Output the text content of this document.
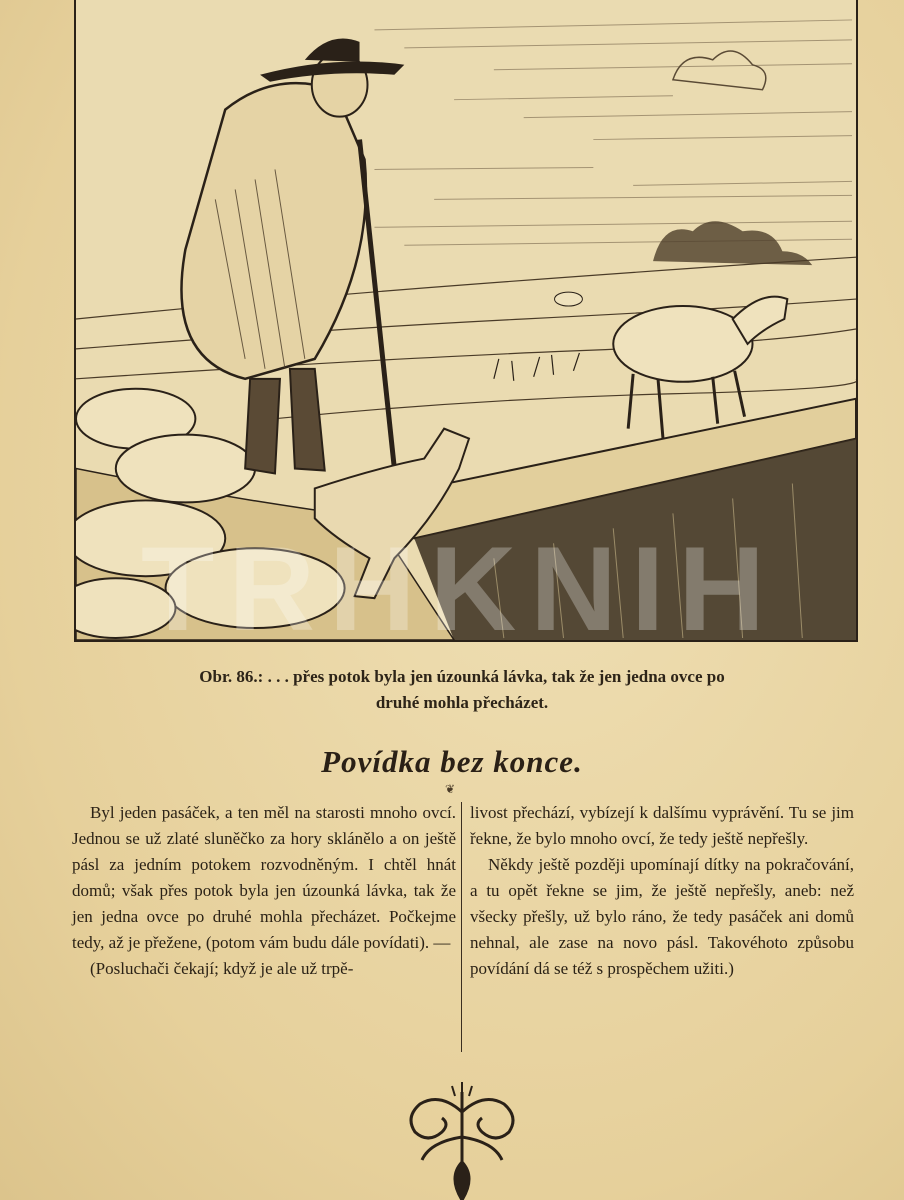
TRHKNIH
Obr. 86.: . . . přes potok byla jen úzounká lávka, tak že jen jedna ovce po
druhé mohla přecházet.
Povídka bez konce.
❦

Byl jeden pasáček, a ten měl na starosti mnoho ovcí. Jednou se už zlaté sluněčko za hory sklánělo a on ještě pásl za jedním potokem rozvodněným. I chtěl hnát domů; však přes potok byla jen úzounká lávka, tak že jen jedna ovce po druhé mohla přecházet. Počkejme tedy, až je přežene, (potom vám budu dále povídati). —

(Posluchači čekají; když je ale už trpě-

livost přechází, vybízejí k dalšímu vyprávění. Tu se jim řekne, že bylo mnoho ovcí, že tedy ještě nepřešly.

Někdy ještě později upomínají dítky na pokračování, a tu opět řekne se jim, že ještě nepřešly, aneb: než všecky přešly, už bylo ráno, že tedy pasáček ani domů nehnal, ale zase na novo pásl. Takovéhoto způsobu povídání dá se též s prospěchem užiti.)
